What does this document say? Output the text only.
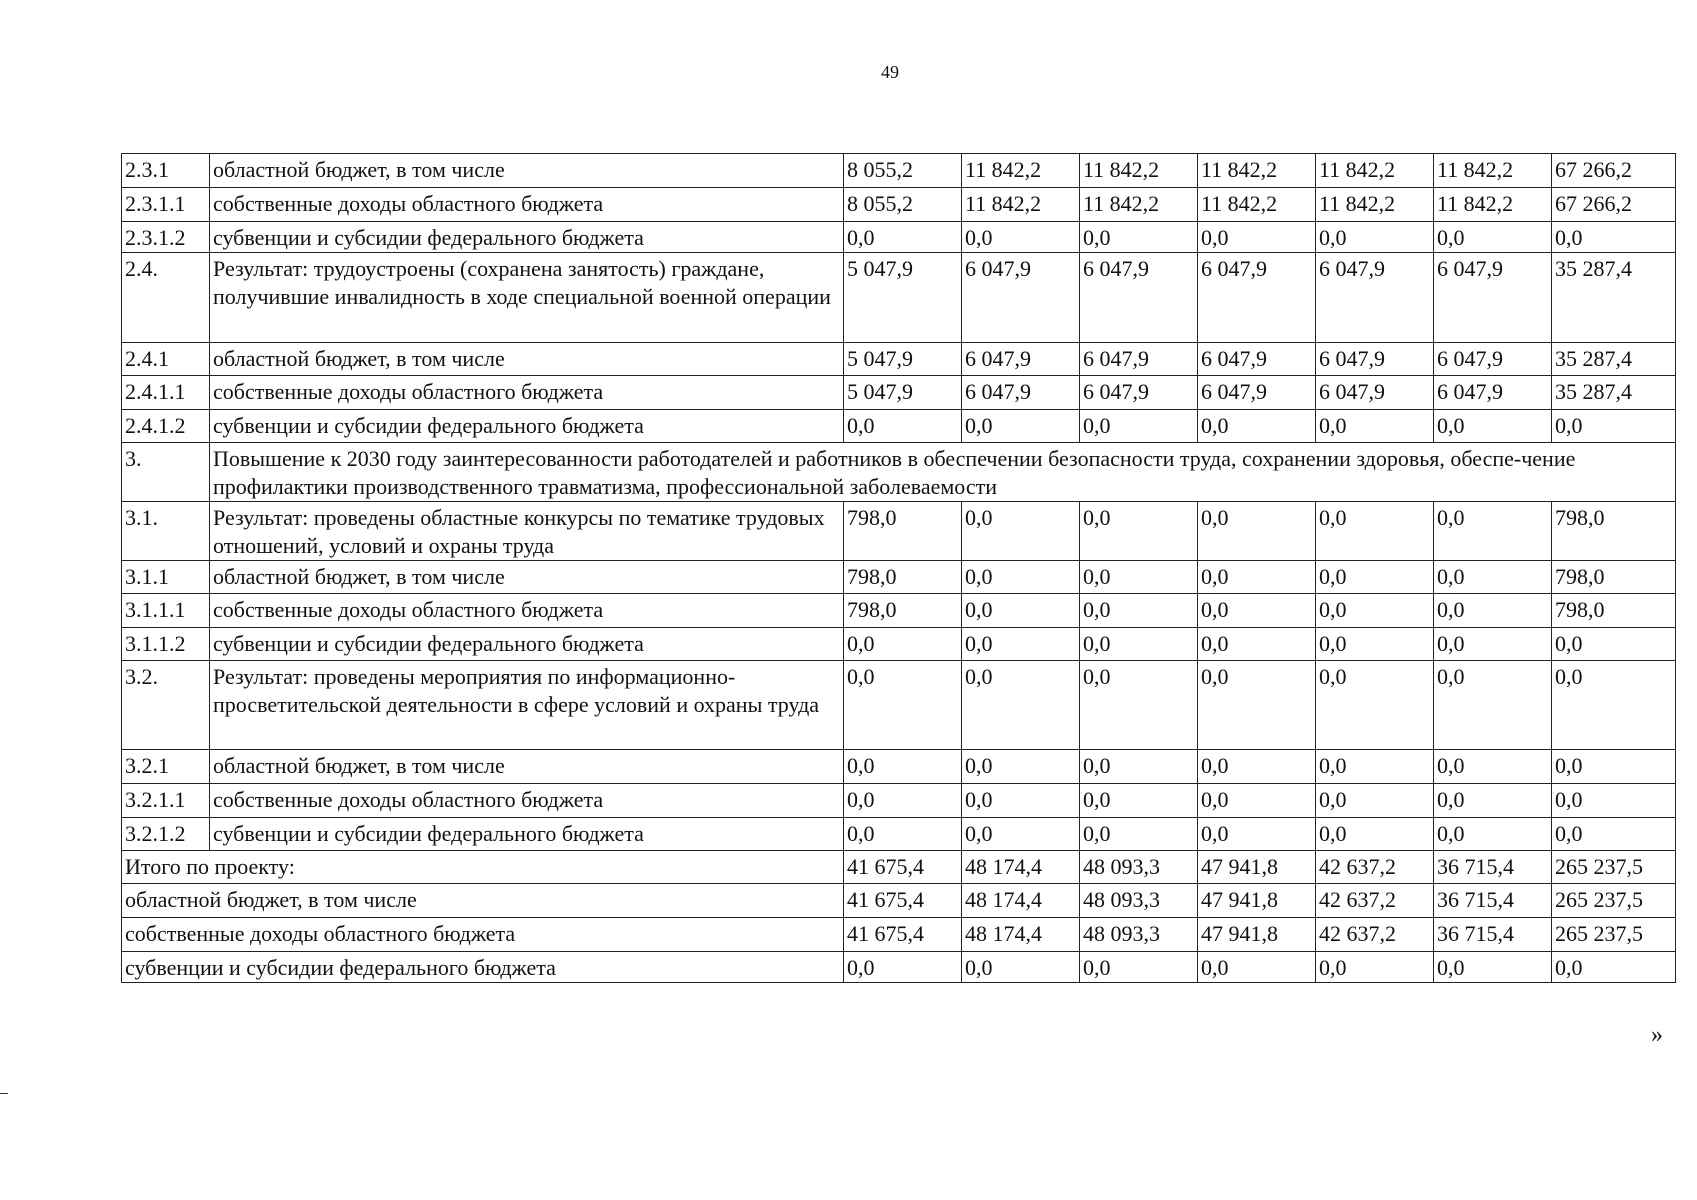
49
2.3.1	областной бюджет, в том числе	8 055,2	11 842,2	11 842,2	11 842,2	11 842,2	11 842,2	67 266,2
2.3.1.1	собственные доходы областного бюджета	8 055,2	11 842,2	11 842,2	11 842,2	11 842,2	11 842,2	67 266,2
2.3.1.2	субвенции и субсидии федерального бюджета	0,0	0,0	0,0	0,0	0,0	0,0	0,0
2.4.	Результат: трудоустроены (сохранена занятость) граждане, получившие инвалидность в ходе специальной военной операции	5 047,9	6 047,9	6 047,9	6 047,9	6 047,9	6 047,9	35 287,4
2.4.1	областной бюджет, в том числе	5 047,9	6 047,9	6 047,9	6 047,9	6 047,9	6 047,9	35 287,4
2.4.1.1	собственные доходы областного бюджета	5 047,9	6 047,9	6 047,9	6 047,9	6 047,9	6 047,9	35 287,4
2.4.1.2	субвенции и субсидии федерального бюджета	0,0	0,0	0,0	0,0	0,0	0,0	0,0
3.	Повышение к 2030 году заинтересованности работодателей и работников в обеспечении безопасности труда, сохранении здоровья, обеспе-чение профилактики производственного травматизма, профессиональной заболеваемости							
3.1.	Результат: проведены областные конкурсы по тематике трудовых отношений, условий и охраны труда	798,0	0,0	0,0	0,0	0,0	0,0	798,0
3.1.1	областной бюджет, в том числе	798,0	0,0	0,0	0,0	0,0	0,0	798,0
3.1.1.1	собственные доходы областного бюджета	798,0	0,0	0,0	0,0	0,0	0,0	798,0
3.1.1.2	субвенции и субсидии федерального бюджета	0,0	0,0	0,0	0,0	0,0	0,0	0,0
3.2.	Результат: проведены мероприятия по информационно-просветительской деятельности в сфере условий и охраны труда	0,0	0,0	0,0	0,0	0,0	0,0	0,0
3.2.1	областной бюджет, в том числе	0,0	0,0	0,0	0,0	0,0	0,0	0,0
3.2.1.1	собственные доходы областного бюджета	0,0	0,0	0,0	0,0	0,0	0,0	0,0
3.2.1.2	субвенции и субсидии федерального бюджета	0,0	0,0	0,0	0,0	0,0	0,0	0,0
Итого по проекту:		41 675,4	48 174,4	48 093,3	47 941,8	42 637,2	36 715,4	265 237,5
областной бюджет, в том числе		41 675,4	48 174,4	48 093,3	47 941,8	42 637,2	36 715,4	265 237,5
собственные доходы областного бюджета		41 675,4	48 174,4	48 093,3	47 941,8	42 637,2	36 715,4	265 237,5
субвенции и субсидии федерального бюджета		0,0	0,0	0,0	0,0	0,0	0,0	0,0
»
